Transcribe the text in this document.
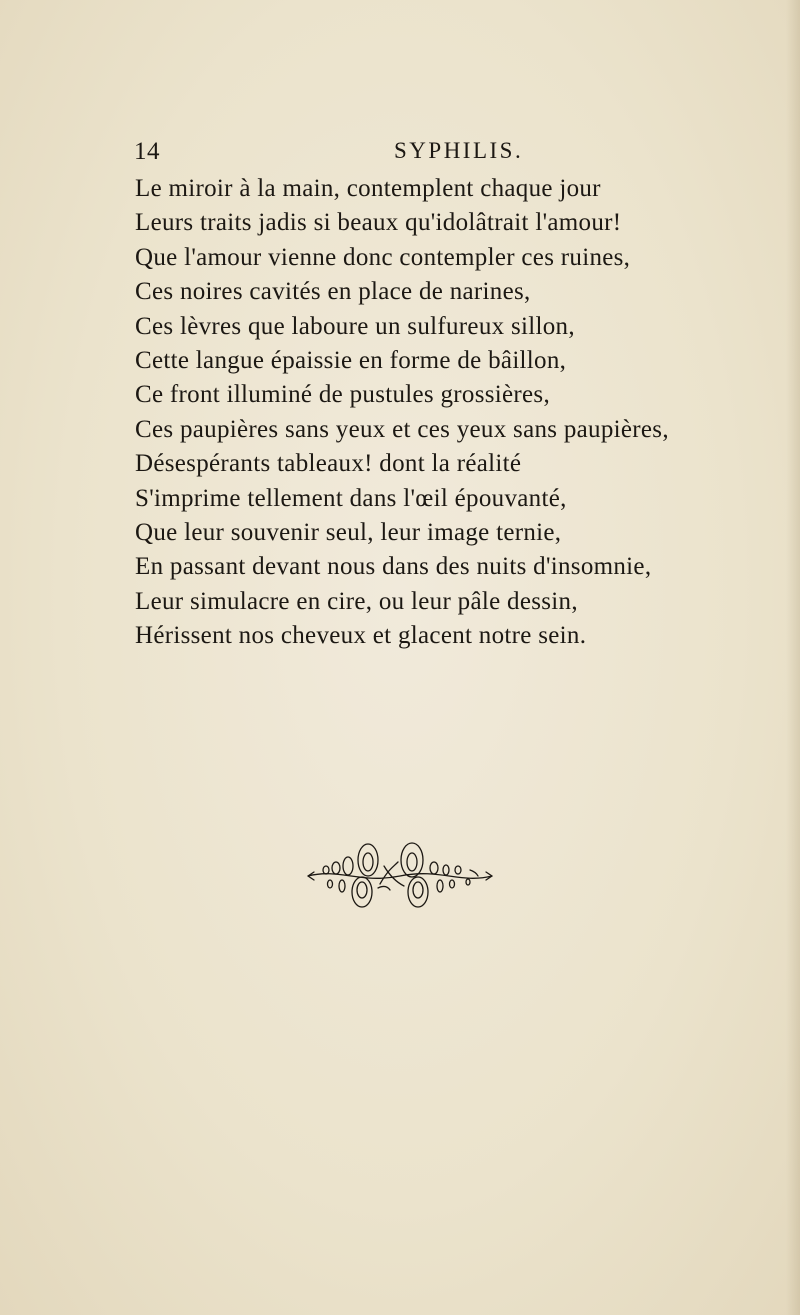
14	SYPHILIS.
Le miroir à la main, contemplent chaque jour
Leurs traits jadis si beaux qu'idolâtrait l'amour!
Que l'amour vienne donc contempler ces ruines,
Ces noires cavités en place de narines,
Ces lèvres que laboure un sulfureux sillon,
Cette langue épaissie en forme de bâillon,
Ce front illuminé de pustules grossières,
Ces paupières sans yeux et ces yeux sans paupières,
Désespérants tableaux! dont la réalité
S'imprime tellement dans l'œil épouvanté,
Que leur souvenir seul, leur image ternie,
En passant devant nous dans des nuits d'insomnie,
Leur simulacre en cire, ou leur pâle dessin,
Hérissent nos cheveux et glacent notre sein.
